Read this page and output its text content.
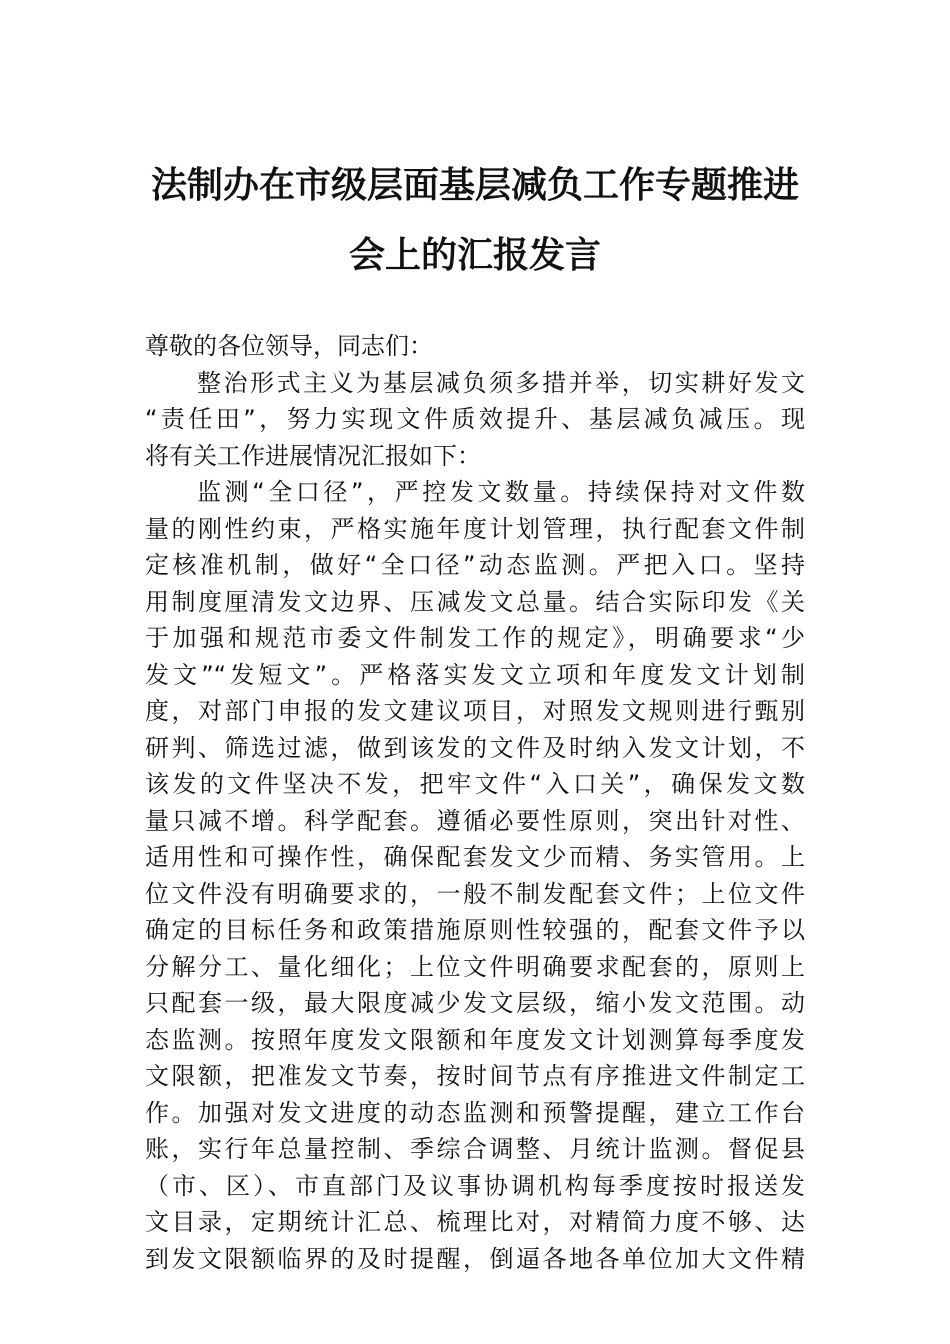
法制办在市级层面基层减负工作专题推进
会上的汇报发言
尊敬的各位领导，同志们：
整治形式主义为基层减负须多措并举，切实耕好发文
“责任田”，努力实现文件质效提升、基层减负减压。现
将有关工作进展情况汇报如下：
监测“全口径”，严控发文数量。持续保持对文件数
量的刚性约束，严格实施年度计划管理，执行配套文件制
定核准机制，做好“全口径”动态监测。严把入口。坚持
用制度厘清发文边界、压减发文总量。结合实际印发《关
于加强和规范市委文件制发工作的规定》，明确要求“少
发文”“发短文”。严格落实发文立项和年度发文计划制
度，对部门申报的发文建议项目，对照发文规则进行甄别
研判、筛选过滤，做到该发的文件及时纳入发文计划，不
该发的文件坚决不发，把牢文件“入口关”，确保发文数
量只减不增。科学配套。遵循必要性原则，突出针对性、
适用性和可操作性，确保配套发文少而精、务实管用。上
位文件没有明确要求的，一般不制发配套文件；上位文件
确定的目标任务和政策措施原则性较强的，配套文件予以
分解分工、量化细化；上位文件明确要求配套的，原则上
只配套一级，最大限度减少发文层级，缩小发文范围。动
态监测。按照年度发文限额和年度发文计划测算每季度发
文限额，把准发文节奏，按时间节点有序推进文件制定工
作。加强对发文进度的动态监测和预警提醒，建立工作台
账，实行年总量控制、季综合调整、月统计监测。督促县
（市、区）、市直部门及议事协调机构每季度按时报送发
文目录，定期统计汇总、梳理比对，对精简力度不够、达
到发文限额临界的及时提醒，倒逼各地各单位加大文件精
